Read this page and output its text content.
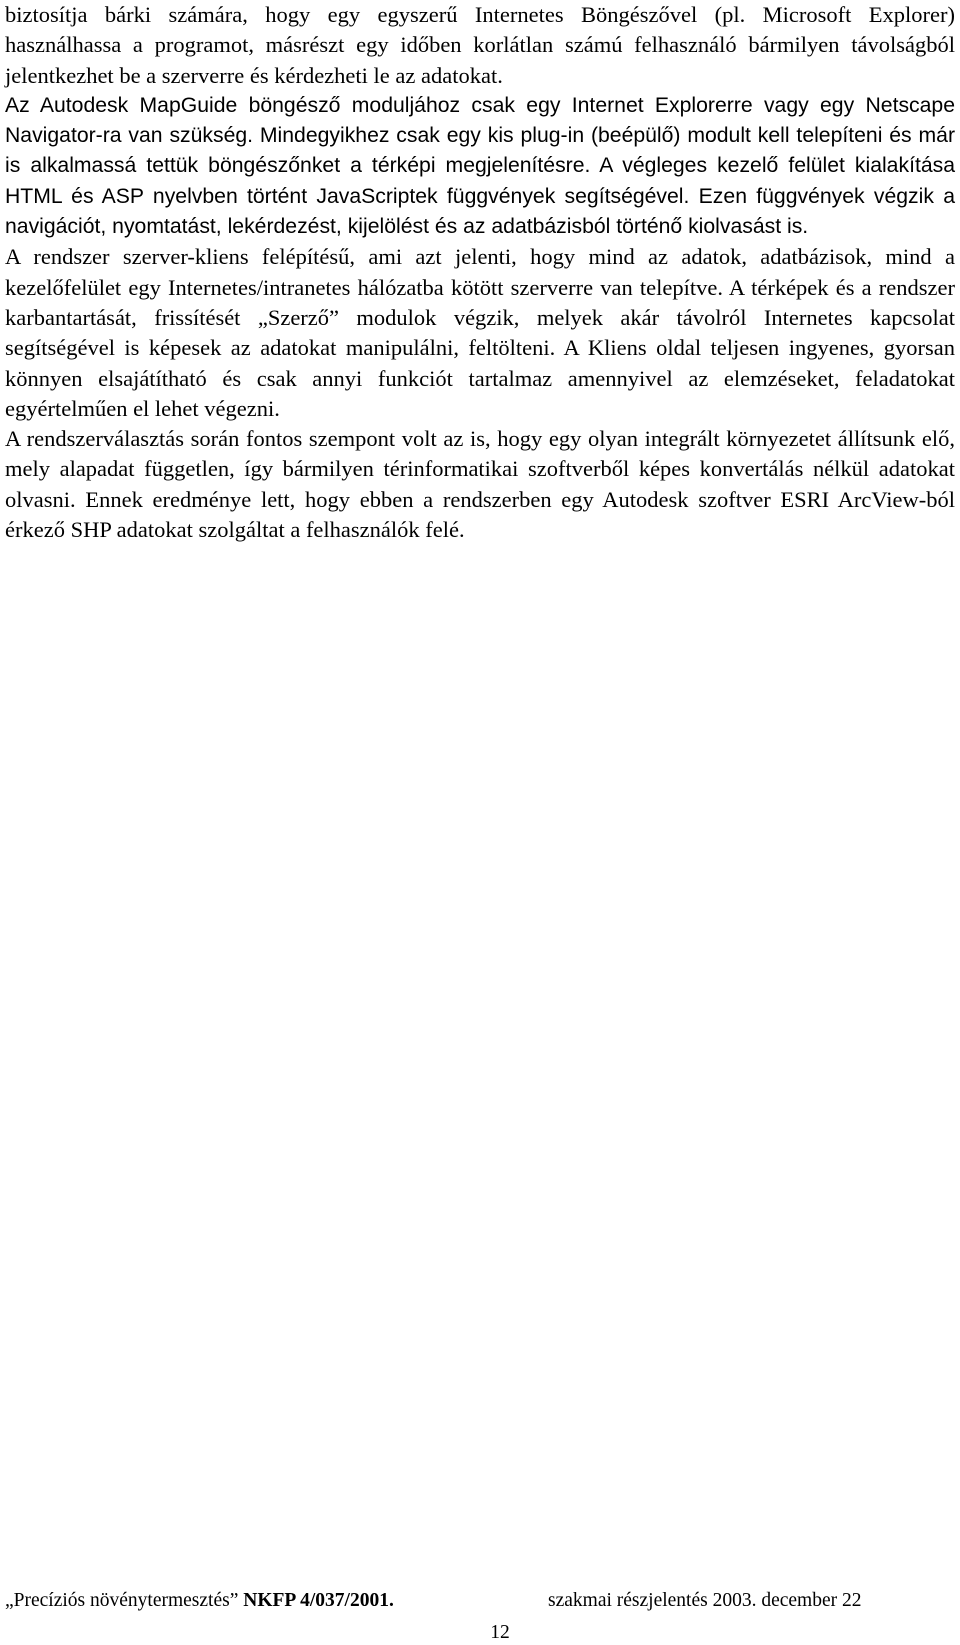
biztosítja bárki számára, hogy egy egyszerű Internetes Böngészővel (pl. Microsoft Explorer) használhassa a programot, másrészt egy időben korlátlan számú felhasználó bármilyen távolságból jelentkezhet be a szerverre és kérdezheti le az adatokat.

Az Autodesk MapGuide böngésző moduljához csak egy Internet Explorerre vagy egy Netscape Navigator-ra van szükség. Mindegyikhez csak egy kis plug-in (beépülő) modult kell telepíteni és már is alkalmassá tettük böngészőnket a térképi megjelenítésre. A végleges kezelő felület kialakítása HTML és ASP nyelvben történt JavaScriptek függvények segítségével. Ezen függvények végzik a navigációt, nyomtatást, lekérdezést, kijelölést és az adatbázisból történő kiolvasást is.

A rendszer szerver-kliens felépítésű, ami azt jelenti, hogy mind az adatok, adatbázisok, mind a kezelőfelület egy Internetes/intranetes hálózatba kötött szerverre van telepítve. A térképek és a rendszer karbantartását, frissítését „Szerző” modulok végzik, melyek akár távolról Internetes kapcsolat segítségével is képesek az adatokat manipulálni, feltölteni. A Kliens oldal teljesen ingyenes, gyorsan könnyen elsajátítható és csak annyi funkciót tartalmaz amennyivel az elemzéseket, feladatokat egyértelműen el lehet végezni.

A rendszerválasztás során fontos szempont volt az is, hogy egy olyan integrált környezetet állítsunk elő, mely alapadat független, így bármilyen térinformatikai szoftverből képes konvertálás nélkül adatokat olvasni. Ennek eredménye lett, hogy ebben a rendszerben egy Autodesk szoftver ESRI ArcView-ból érkező SHP adatokat szolgáltat a felhasználók felé.

„Precíziós növénytermesztés” NKFP 4/037/2001.	szakmai részjelentés 2003. december 22
12
